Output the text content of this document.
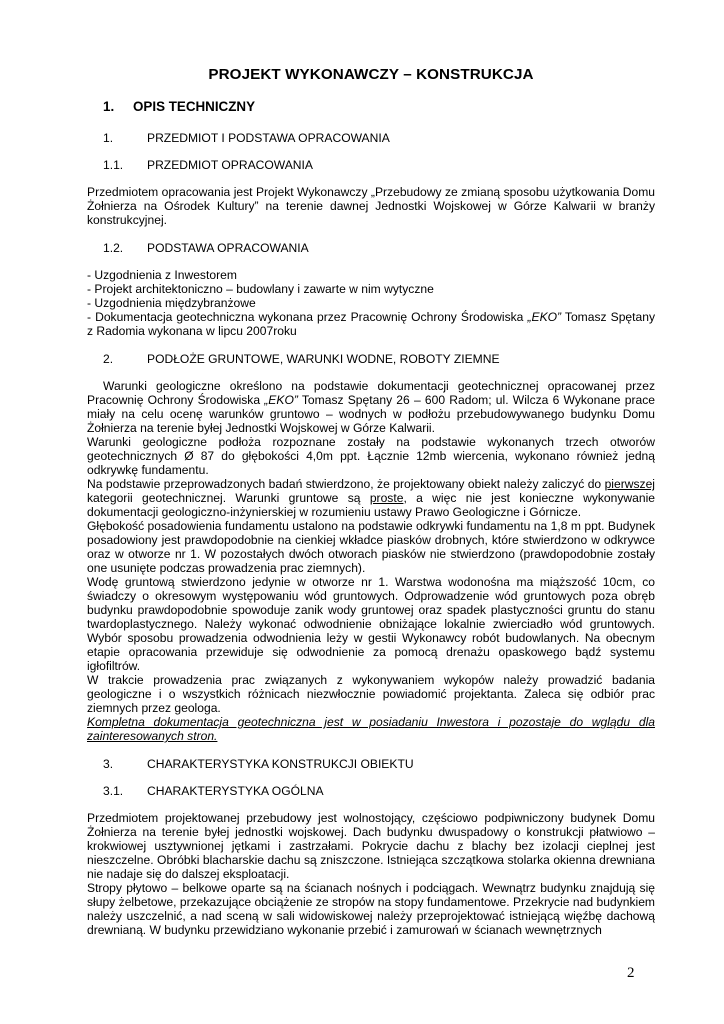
PROJEKT WYKONAWCZY – KONSTRUKCJA
1. OPIS TECHNICZNY
1.	PRZEDMIOT I PODSTAWA OPRACOWANIA
1.1. PRZEDMIOT OPRACOWANIA

Przedmiotem opracowania jest Projekt Wykonawczy „Przebudowy ze zmianą sposobu użytkowania Domu Żołnierza na Ośrodek Kultury” na terenie dawnej Jednostki Wojskowej w Górze Kalwarii w branży konstrukcyjnej.

1.2. PODSTAWA OPRACOWANIA

- Uzgodnienia z Inwestorem

- Projekt architektoniczno – budowlany i zawarte w nim wytyczne

- Uzgodnienia międzybranżowe

- Dokumentacja geotechniczna wykonana przez Pracownię Ochrony Środowiska „EKO” Tomasz Spętany z Radomia wykonana w lipcu 2007roku

2.	PODŁOŻE GRUNTOWE, WARUNKI WODNE, ROBOTY ZIEMNE

Warunki geologiczne określono na podstawie dokumentacji geotechnicznej opracowanej przez Pracownię Ochrony Środowiska „EKO” Tomasz Spętany 26 – 600 Radom; ul. Wilcza 6 Wykonane prace miały na celu ocenę warunków gruntowo – wodnych w podłożu przebudowywanego budynku Domu Żołnierza na terenie byłej Jednostki Wojskowej w Górze Kalwarii.

Warunki geologiczne podłoża rozpoznane zostały na podstawie wykonanych trzech otworów geotechnicznych Ø 87 do głębokości 4,0m ppt. Łącznie 12mb wiercenia, wykonano również jedną odkrywkę fundamentu.

Na podstawie przeprowadzonych badań stwierdzono, że projektowany obiekt należy zaliczyć do pierwszej kategorii geotechnicznej. Warunki gruntowe są proste, a więc nie jest konieczne wykonywanie dokumentacji geologiczno-inżynierskiej w rozumieniu ustawy Prawo Geologiczne i Górnicze.

Głębokość posadowienia fundamentu ustalono na podstawie odkrywki fundamentu na 1,8 m ppt. Budynek posadowiony jest prawdopodobnie na cienkiej wkładce piasków drobnych, które stwierdzono w odkrywce oraz w otworze nr 1. W pozostałych dwóch otworach piasków nie stwierdzono (prawdopodobnie zostały one usunięte podczas prowadzenia prac ziemnych).

Wodę gruntową stwierdzono jedynie w otworze nr 1. Warstwa wodonośna ma miąższość 10cm, co świadczy o okresowym występowaniu wód gruntowych. Odprowadzenie wód gruntowych poza obręb budynku prawdopodobnie spowoduje zanik wody gruntowej oraz spadek plastyczności gruntu do stanu twardoplastycznego. Należy wykonać odwodnienie obniżające lokalnie zwierciadło wód gruntowych. Wybór sposobu prowadzenia odwodnienia leży w gestii Wykonawcy robót budowlanych. Na obecnym etapie opracowania przewiduje się odwodnienie za pomocą drenażu opaskowego bądź systemu igłofiltrów.

W trakcie prowadzenia prac związanych z wykonywaniem wykopów należy prowadzić badania geologiczne i o wszystkich różnicach niezwłocznie powiadomić projektanta. Zaleca się odbiór prac ziemnych przez geologa.

Kompletna dokumentacja geotechniczna jest w posiadaniu Inwestora i pozostaje do wglądu dla zainteresowanych stron.

3.	CHARAKTERYSTYKA KONSTRUKCJI OBIEKTU
3.1. CHARAKTERYSTYKA OGÓLNA

Przedmiotem projektowanej przebudowy jest wolnostojący, częściowo podpiwniczony budynek Domu Żołnierza na terenie byłej jednostki wojskowej. Dach budynku dwuspadowy o konstrukcji płatwiowo – krokwiowej usztywnionej jętkami i zastrzałami. Pokrycie dachu z blachy bez izolacji cieplnej jest nieszczelne. Obróbki blacharskie dachu są zniszczone. Istniejąca szczątkowa stolarka okienna drewniana nie nadaje się do dalszej eksploatacji.

Stropy płytowo – belkowe oparte są na ścianach nośnych i podciągach. Wewnątrz budynku znajdują się słupy żelbetowe, przekazujące obciążenie ze stropów na stopy fundamentowe. Przekrycie nad budynkiem należy uszczelnić, a nad sceną w sali widowiskowej należy przeprojektować istniejącą więźbę dachową drewnianą. W budynku przewidziano wykonanie przebić i zamurowań w ścianach wewnętrznych

2
